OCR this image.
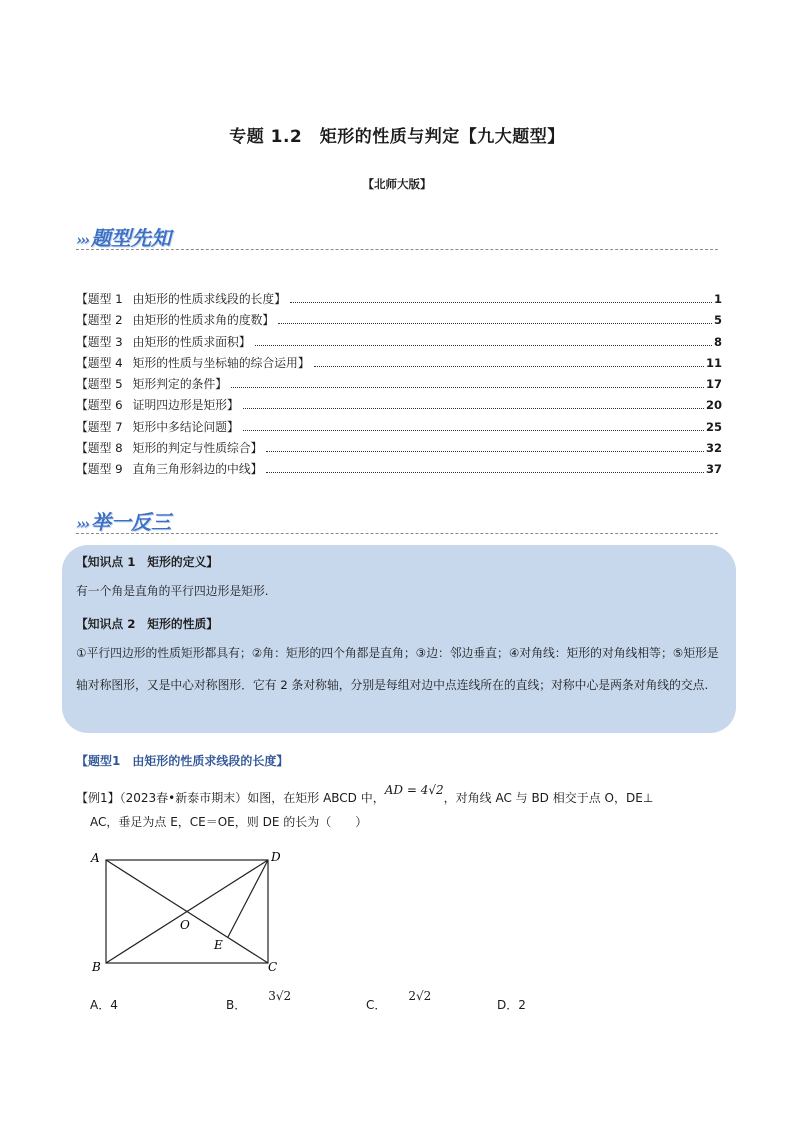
专题 1.2　矩形的性质与判定【九大题型】
【北师大版】
››› 题型先知
【题型 1 由矩形的性质求线段的长度】	1
【题型 2 由矩形的性质求角的度数】	5
【题型 3 由矩形的性质求面积】	8
【题型 4 矩形的性质与坐标轴的综合运用】	11
【题型 5 矩形判定的条件】	17
【题型 6 证明四边形是矩形】	20
【题型 7 矩形中多结论问题】	25
【题型 8 矩形的判定与性质综合】	32
【题型 9 直角三角形斜边的中线】	37
››› 举一反三
【知识点 1　矩形的定义】
有一个角是直角的平行四边形是矩形.
【知识点 2　矩形的性质】
①平行四边形的性质矩形都具有；②角：矩形的四个角都是直角；③边：邻边垂直；④对角线：矩形的对角线相等；⑤矩形是轴对称图形，又是中心对称图形．它有 2 条对称轴，分别是每组对边中点连线所在的直线；对称中心是两条对角线的交点.
【题型1　由矩形的性质求线段的长度】
【例1】（2023春•新泰市期末）如图，在矩形 ABCD 中，AD = 4√2，对角线 AC 与 BD 相交于点 O，DE⊥
AC，垂足为点 E，CE＝OE，则 DE 的长为（　　）
A	D
B	C
O
E
A．4	B．3√2
C．2√2
D．2
